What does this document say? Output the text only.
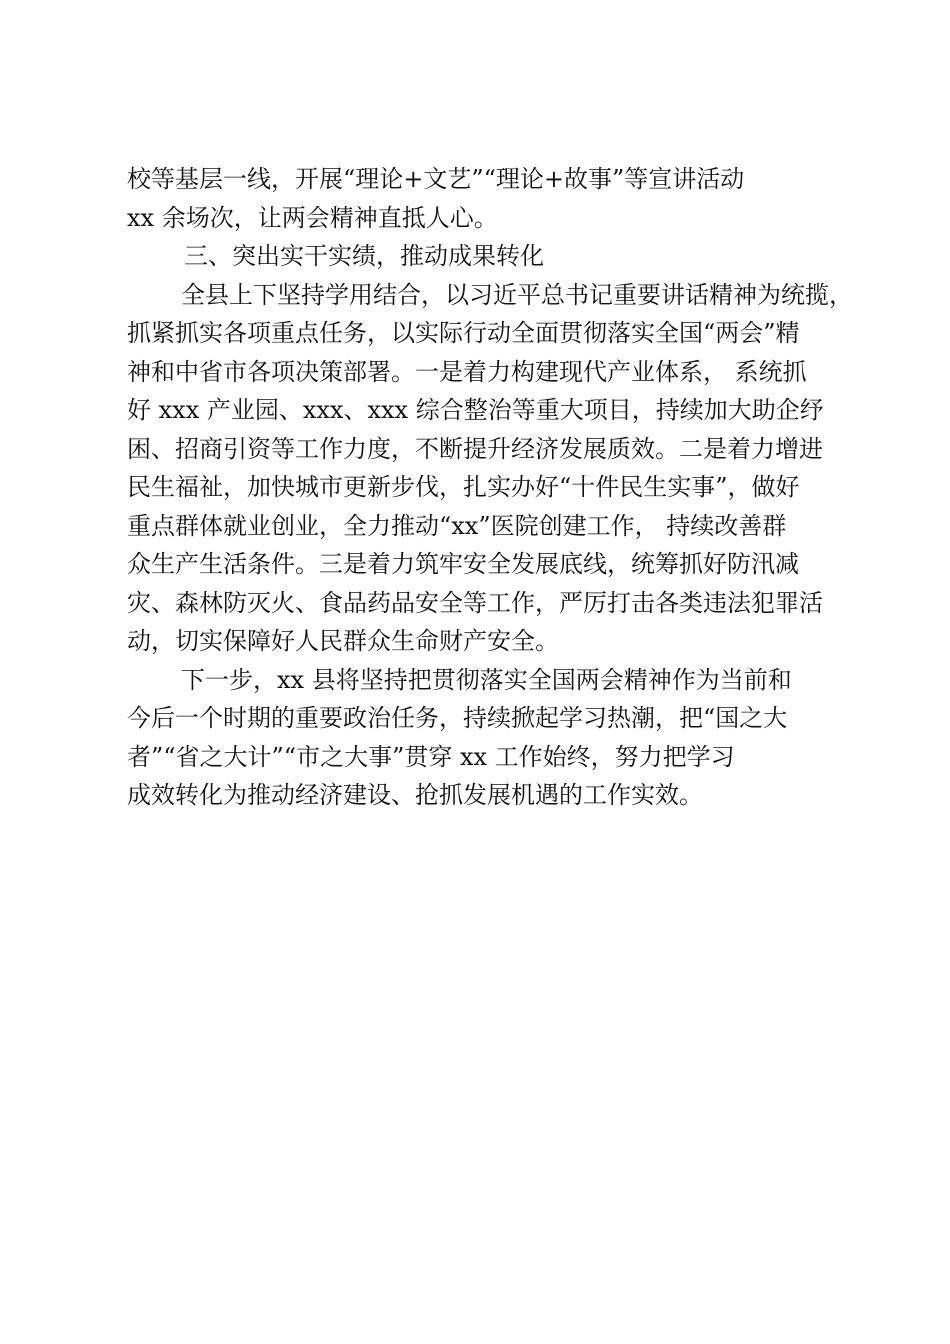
校等基层一线，开展“理论+文艺”“理论+故事”等宣讲活动
xx 余场次，让两会精神直抵人心。
三、突出实干实绩，推动成果转化
全县上下坚持学用结合，以习近平总书记重要讲话精神为统揽，
抓紧抓实各项重点任务，以实际行动全面贯彻落实全国“两会”精
神和中省市各项决策部署。一是着力构建现代产业体系， 系统抓
好 xxx 产业园、xxx、xxx 综合整治等重大项目，持续加大助企纾
困、招商引资等工作力度，不断提升经济发展质效。二是着力增进
民生福祉，加快城市更新步伐，扎实办好“十件民生实事”，做好
重点群体就业创业，全力推动“xx”医院创建工作， 持续改善群
众生产生活条件。三是着力筑牢安全发展底线，统筹抓好防汛减
灾、森林防灭火、食品药品安全等工作，严厉打击各类违法犯罪活
动，切实保障好人民群众生命财产安全。
下一步，xx 县将坚持把贯彻落实全国两会精神作为当前和
今后一个时期的重要政治任务，持续掀起学习热潮，把“国之大
者”“省之大计”“市之大事”贯穿 xx 工作始终，努力把学习
成效转化为推动经济建设、抢抓发展机遇的工作实效。
